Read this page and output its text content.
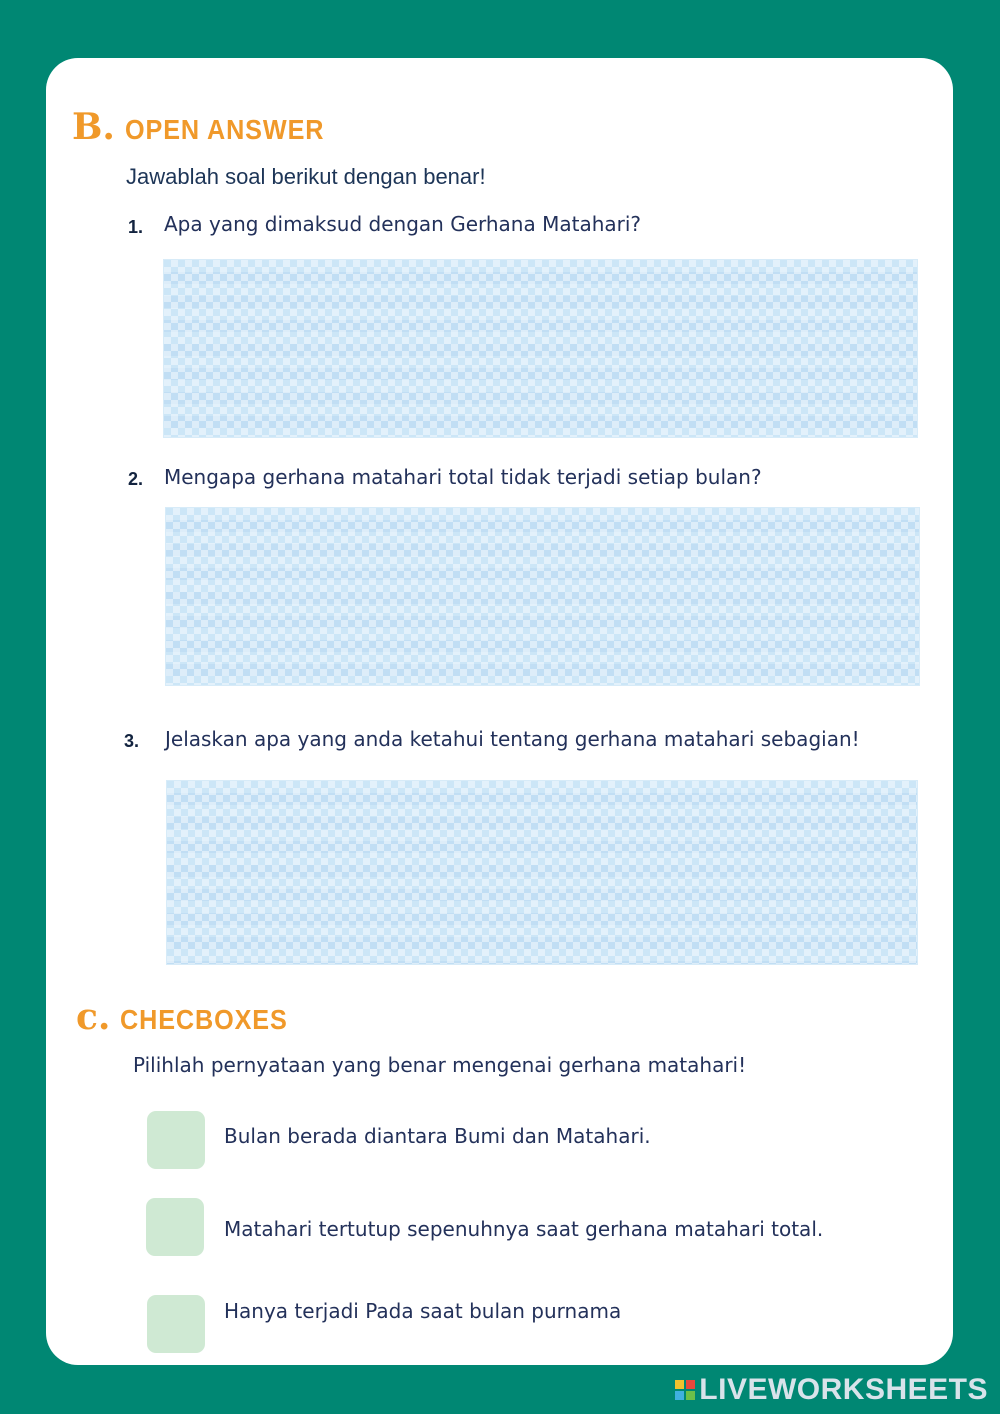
B. OPEN ANSWER
Jawablah soal berikut dengan benar!
1. Apa yang dimaksud dengan Gerhana Matahari?
2. Mengapa gerhana matahari total tidak terjadi setiap bulan?
3. Jelaskan apa yang anda ketahui tentang gerhana matahari sebagian!
c. CHECBOXES
Pilihlah pernyataan yang benar mengenai gerhana matahari!
Bulan berada diantara Bumi dan Matahari.
Matahari tertutup sepenuhnya saat gerhana matahari total.
Hanya terjadi Pada saat bulan purnama
LIVEWORKSHEETS
